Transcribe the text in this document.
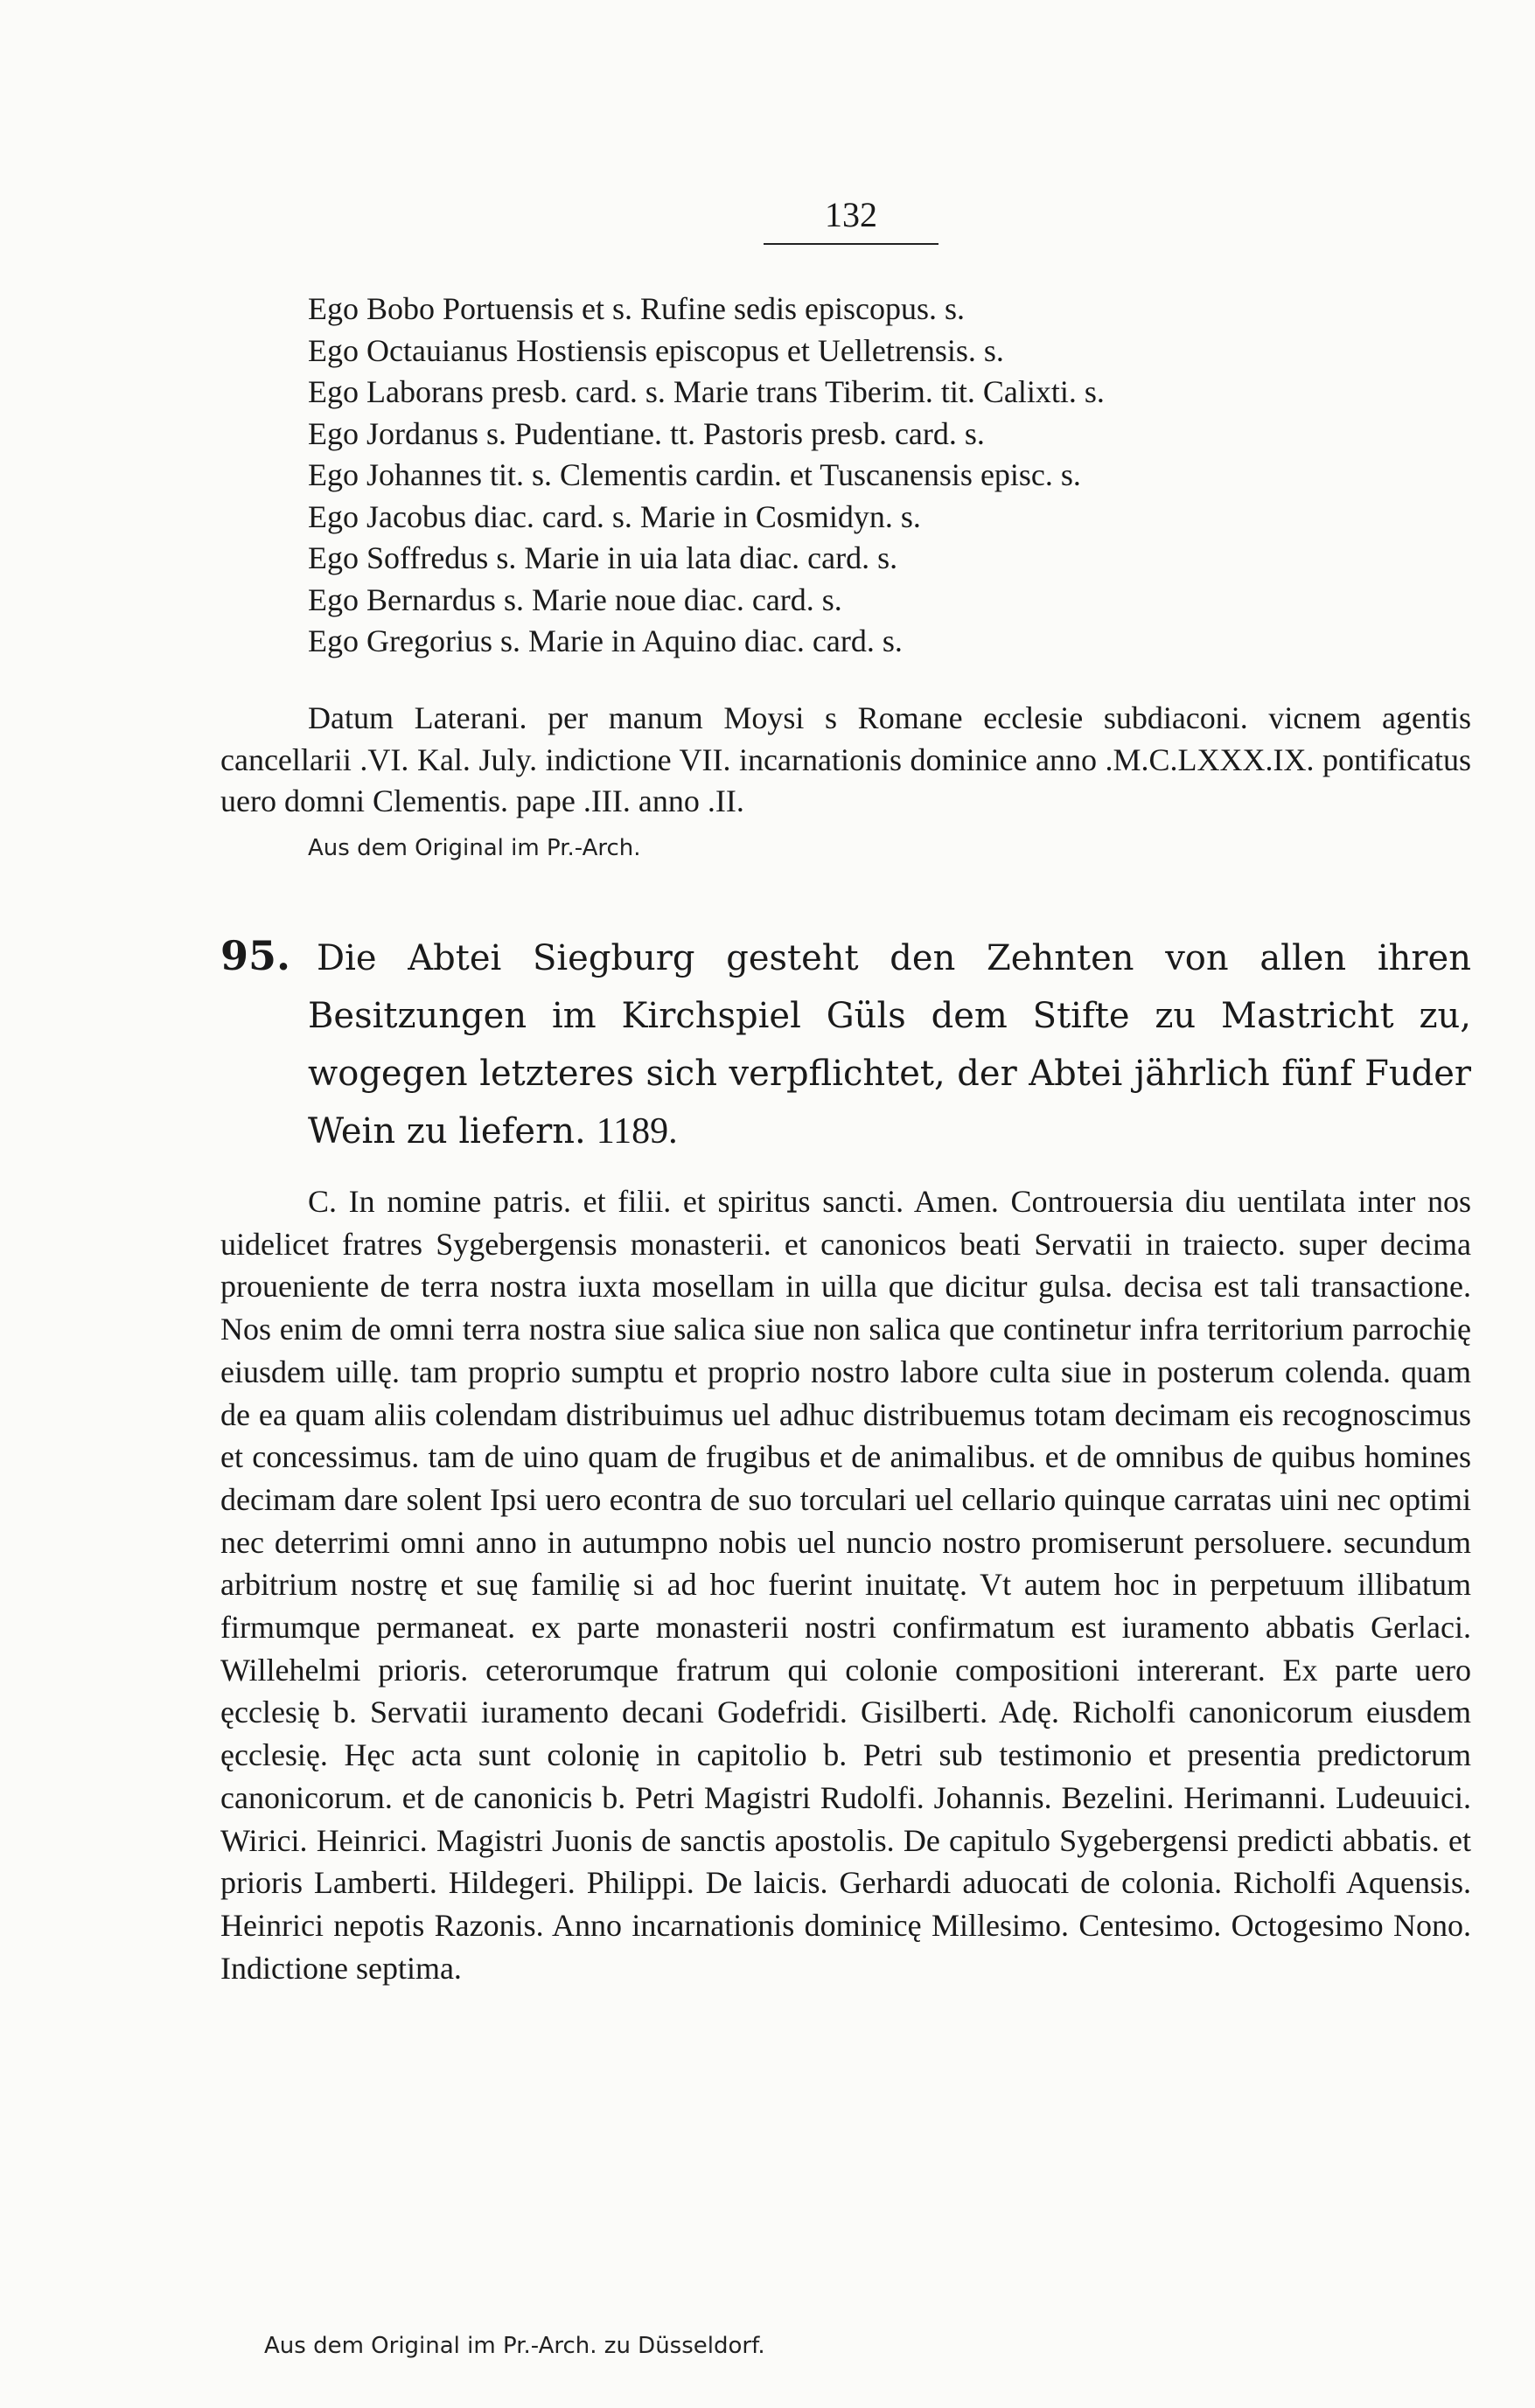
132
Ego Bobo Portuensis et s. Rufine sedis episcopus. s.
Ego Octauianus Hostiensis episcopus et Uelletrensis. s.
Ego Laborans presb. card. s. Marie trans Tiberim. tit. Calixti. s.
Ego Jordanus s. Pudentiane. tt. Pastoris presb. card. s.
Ego Johannes tit. s. Clementis cardin. et Tuscanensis episc. s.
Ego Jacobus diac. card. s. Marie in Cosmidyn. s.
Ego Soffredus s. Marie in uia lata diac. card. s.
Ego Bernardus s. Marie noue diac. card. s.
Ego Gregorius s. Marie in Aquino diac. card. s.

Datum Laterani. per manum Moysi s Romane ecclesie subdiaconi. vicnem agentis cancellarii .VI. Kal. July. indictione VII. incarnationis dominice anno .M.C.LXXX.IX. pontificatus uero domni Clementis. pape .III. anno .II.

Aus dem Original im Pr.-Arch.
95. Die Abtei Siegburg gesteht den Zehnten von allen ihren Besitzungen im Kirchspiel Güls dem Stifte zu Mastricht zu, wogegen letzteres sich verpflichtet, der Abtei jährlich fünf Fuder Wein zu liefern. 1189.

C. In nomine patris. et filii. et spiritus sancti. Amen. Controuersia diu uentilata inter nos uidelicet fratres Sygebergensis monasterii. et canonicos beati Servatii in traiecto. super decima proueniente de terra nostra iuxta mosellam in uilla que dicitur gulsa. decisa est tali transactione. Nos enim de omni terra nostra siue salica siue non salica que continetur infra territorium parrochię eiusdem uillę. tam proprio sumptu et proprio nostro labore culta siue in posterum colenda. quam de ea quam aliis colendam distribuimus uel adhuc distribuemus totam decimam eis recognoscimus et concessimus. tam de uino quam de frugibus et de animalibus. et de omnibus de quibus homines decimam dare solent Ipsi uero econtra de suo torculari uel cellario quinque carratas uini nec optimi nec deterrimi omni anno in autumpno nobis uel nuncio nostro promiserunt persoluere. secundum arbitrium nostrę et suę familię si ad hoc fuerint inuitatę. Vt autem hoc in perpetuum illibatum firmumque permaneat. ex parte monasterii nostri confirmatum est iuramento abbatis Gerlaci. Willehelmi prioris. ceterorumque fratrum qui colonie compositioni intererant. Ex parte uero ęcclesię b. Servatii iuramento decani Godefridi. Gisilberti. Adę. Richolfi canonicorum eiusdem ęcclesię. Hęc acta sunt colonię in capitolio b. Petri sub testimonio et presentia predictorum canonicorum. et de canonicis b. Petri Magistri Rudolfi. Johannis. Bezelini. Herimanni. Ludeuuici. Wirici. Heinrici. Magistri Juonis de sanctis apostolis. De capitulo Sygebergensi predicti abbatis. et prioris Lamberti. Hildegeri. Philippi. De laicis. Gerhardi aduocati de colonia. Richolfi Aquensis. Heinrici nepotis Razonis. Anno incarnationis dominicę Millesimo. Centesimo. Octogesimo Nono. Indictione septima.

Aus dem Original im Pr.-Arch. zu Düsseldorf.
